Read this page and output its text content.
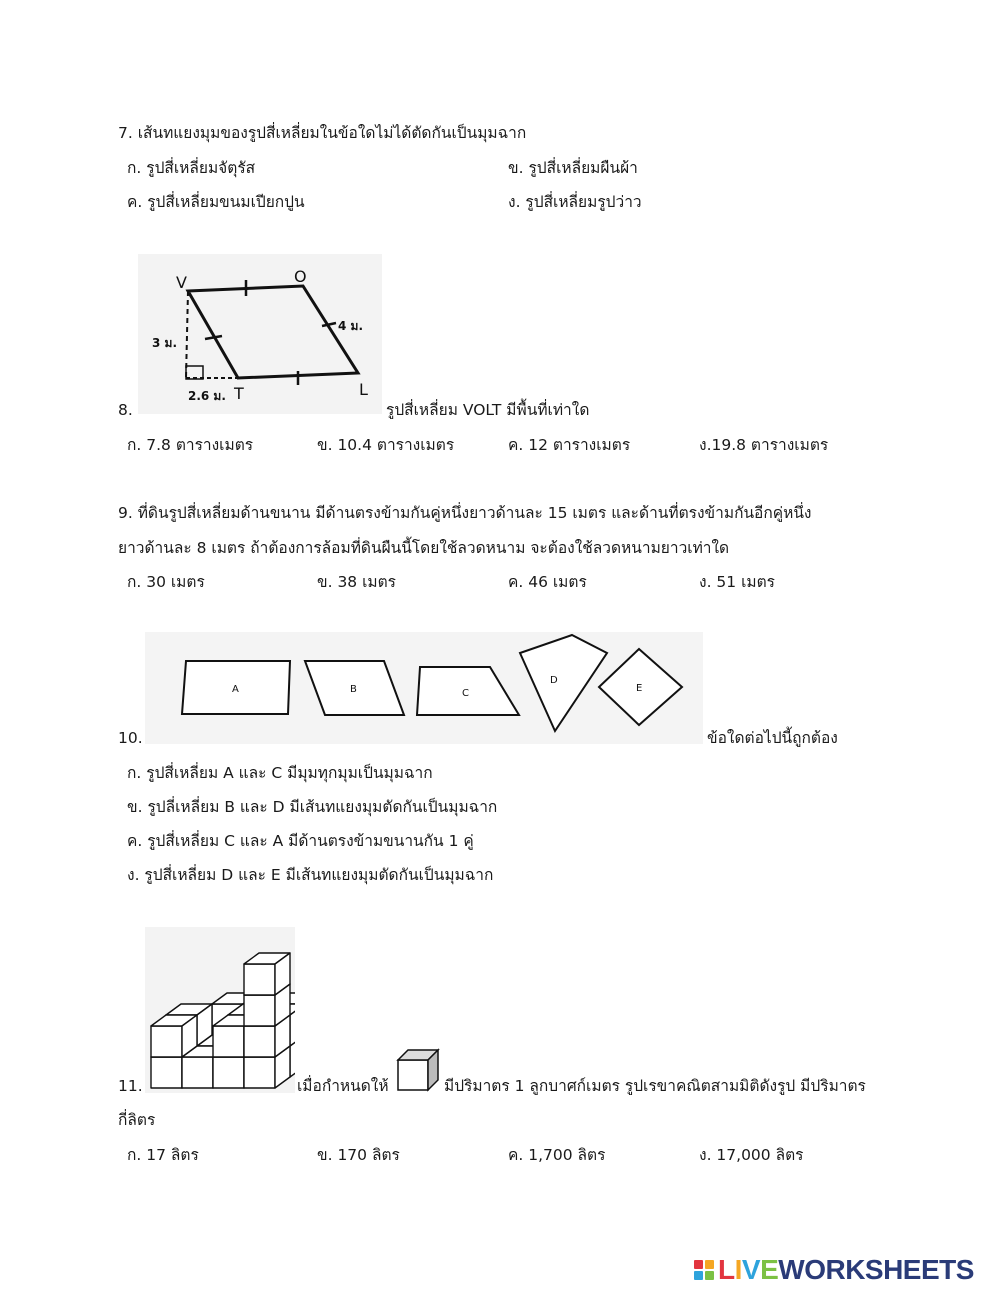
7. เส้นทแยงมุมของรูปสี่เหลี่ยมในข้อใดไม่ได้ตัดกันเป็นมุมฉาก
ก. รูปสี่เหลี่ยมจัตุรัส	ข. รูปสี่เหลี่ยมผืนผ้า
ค. รูปสี่เหลี่ยมขนมเปียกปูน	ง. รูปสี่เหลี่ยมรูปว่าว
V	O
L
T
4 ม.
3 ม.
2.6 ม.
8.	รูปสี่เหลี่ยม VOLT มีพื้นที่เท่าใด
ก. 7.8 ตารางเมตร	ข. 10.4 ตารางเมตร	ค. 12 ตารางเมตร	ง.19.8 ตารางเมตร
9. ที่ดินรูปสี่เหลี่ยมด้านขนาน มีด้านตรงข้ามกันคู่หนึ่งยาวด้านละ 15 เมตร และด้านที่ตรงข้ามกันอีกคู่หนึ่ง
ยาวด้านละ 8 เมตร ถ้าต้องการล้อมที่ดินผืนนี้โดยใช้ลวดหนาม จะต้องใช้ลวดหนามยาวเท่าใด
ก. 30 เมตร	ข. 38 เมตร	ค. 46 เมตร	ง. 51 เมตร
A	B	C
D
E
10.	ข้อใดต่อไปนี้ถูกต้อง
ก. รูปสี่เหลี่ยม A และ C มีมุมทุกมุมเป็นมุมฉาก
ข. รูปลี่เหลี่ยม B และ D มีเส้นทแยงมุมตัดกันเป็นมุมฉาก
ค. รูปสี่เหลี่ยม C และ A มีด้านตรงข้ามขนานกัน 1 คู่
ง. รูปสี่เหลี่ยม D และ E มีเส้นทแยงมุมตัดกันเป็นมุมฉาก
11.	เมื่อกำหนดให้	มีปริมาตร 1 ลูกบาศก์เมตร รูปเรขาคณิตสามมิติดังรูป มีปริมาตร
กี่ลิตร
ก. 17 ลิตร	ข. 170 ลิตร	ค. 1,700 ลิตร	ง. 17,000 ลิตร
LIVEWORKSHEETS
